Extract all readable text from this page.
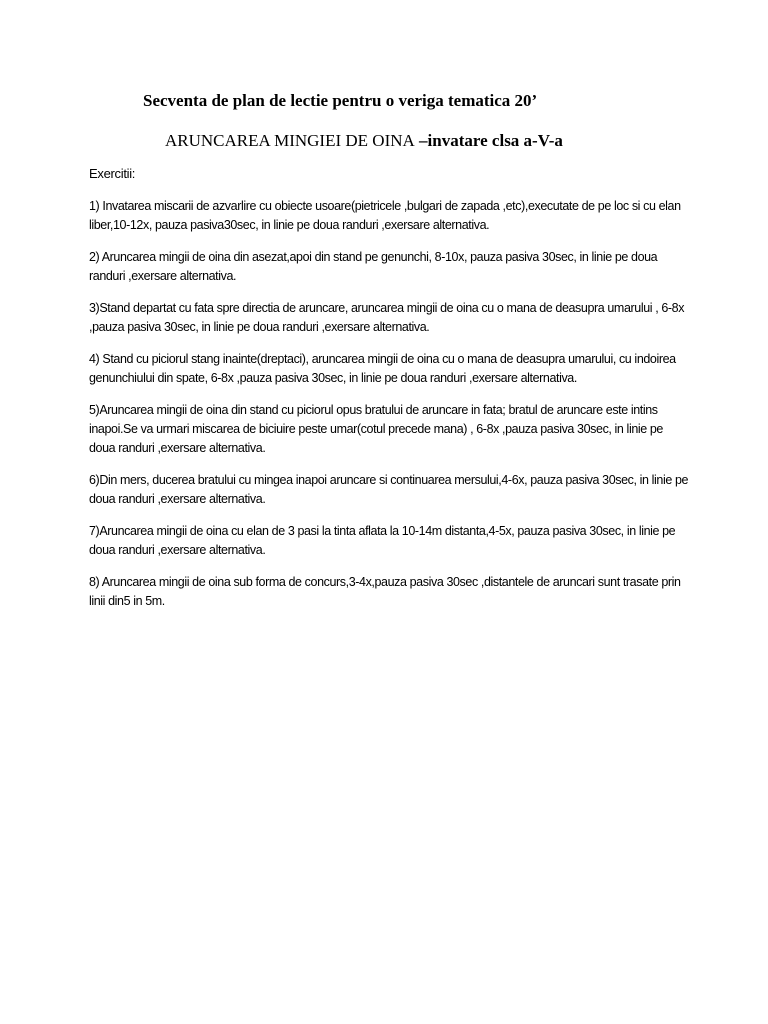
Secventa de plan de lectie pentru o veriga tematica 20’
ARUNCAREA MINGIEI DE OINA –invatare clsa a-V-a
Exercitii:
1) Invatarea miscarii de azvarlire cu obiecte usoare(pietricele ,bulgari de zapada ,etc),executate de pe loc si cu elan liber,10-12x, pauza pasiva30sec, in linie pe doua randuri ,exersare alternativa.
2) Aruncarea mingii de oina din asezat,apoi din stand pe genunchi, 8-10x, pauza pasiva 30sec, in linie pe doua randuri ,exersare alternativa.
3)Stand departat cu fata spre directia de aruncare, aruncarea mingii de oina cu o mana de deasupra umarului , 6-8x ,pauza pasiva 30sec, in linie pe doua randuri ,exersare alternativa.
4) Stand cu piciorul stang inainte(dreptaci), aruncarea mingii de oina cu o mana de deasupra umarului, cu indoirea genunchiului din spate, 6-8x ,pauza pasiva 30sec, in linie pe doua randuri ,exersare alternativa.
5)Aruncarea mingii de oina din stand cu piciorul opus bratului de aruncare in fata; bratul de aruncare este intins inapoi.Se va urmari miscarea de biciuire peste umar(cotul precede mana) , 6-8x ,pauza pasiva 30sec, in linie pe doua randuri ,exersare alternativa.
6)Din mers, ducerea bratului cu mingea inapoi aruncare si continuarea mersului,4-6x, pauza pasiva 30sec, in linie pe doua randuri ,exersare alternativa.
7)Aruncarea mingii de oina cu elan de 3 pasi la tinta aflata la 10-14m distanta,4-5x, pauza pasiva 30sec, in linie pe doua randuri ,exersare alternativa.
8) Aruncarea mingii de oina sub forma de concurs,3-4x,pauza pasiva 30sec ,distantele de aruncari sunt trasate prin linii din5 in 5m.
